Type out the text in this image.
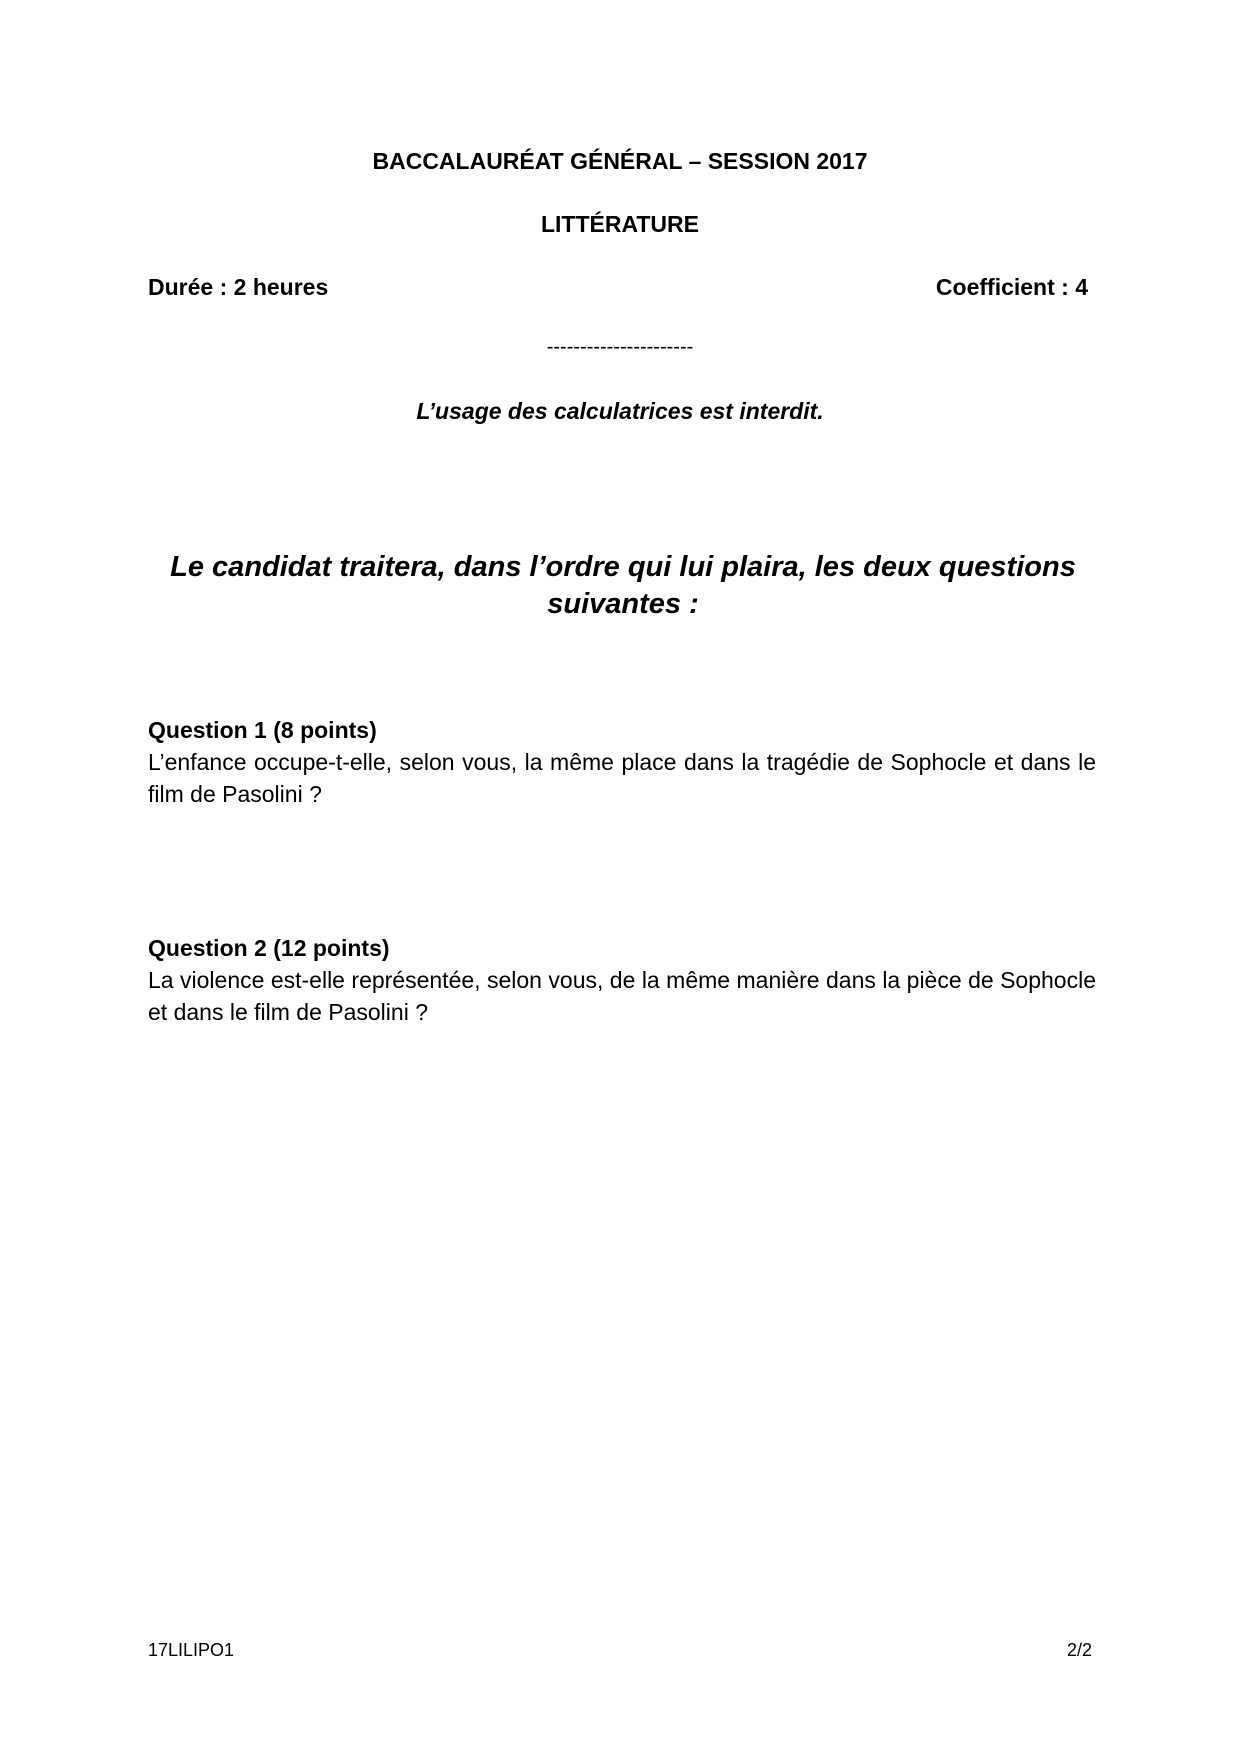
BACCALAURÉAT GÉNÉRAL – SESSION 2017
LITTÉRATURE
Durée : 2 heures	Coefficient : 4
----------------------
L’usage des calculatrices est interdit.
Le candidat traitera, dans l’ordre qui lui plaira, les deux questions suivantes :
Question 1 (8 points)
L’enfance occupe-t-elle, selon vous, la même place dans la tragédie de Sophocle et dans le film de Pasolini ?
Question 2 (12 points)
La violence est-elle représentée, selon vous, de la même manière dans la pièce de Sophocle et dans le film de Pasolini ?
17LILIPO1	2/2
